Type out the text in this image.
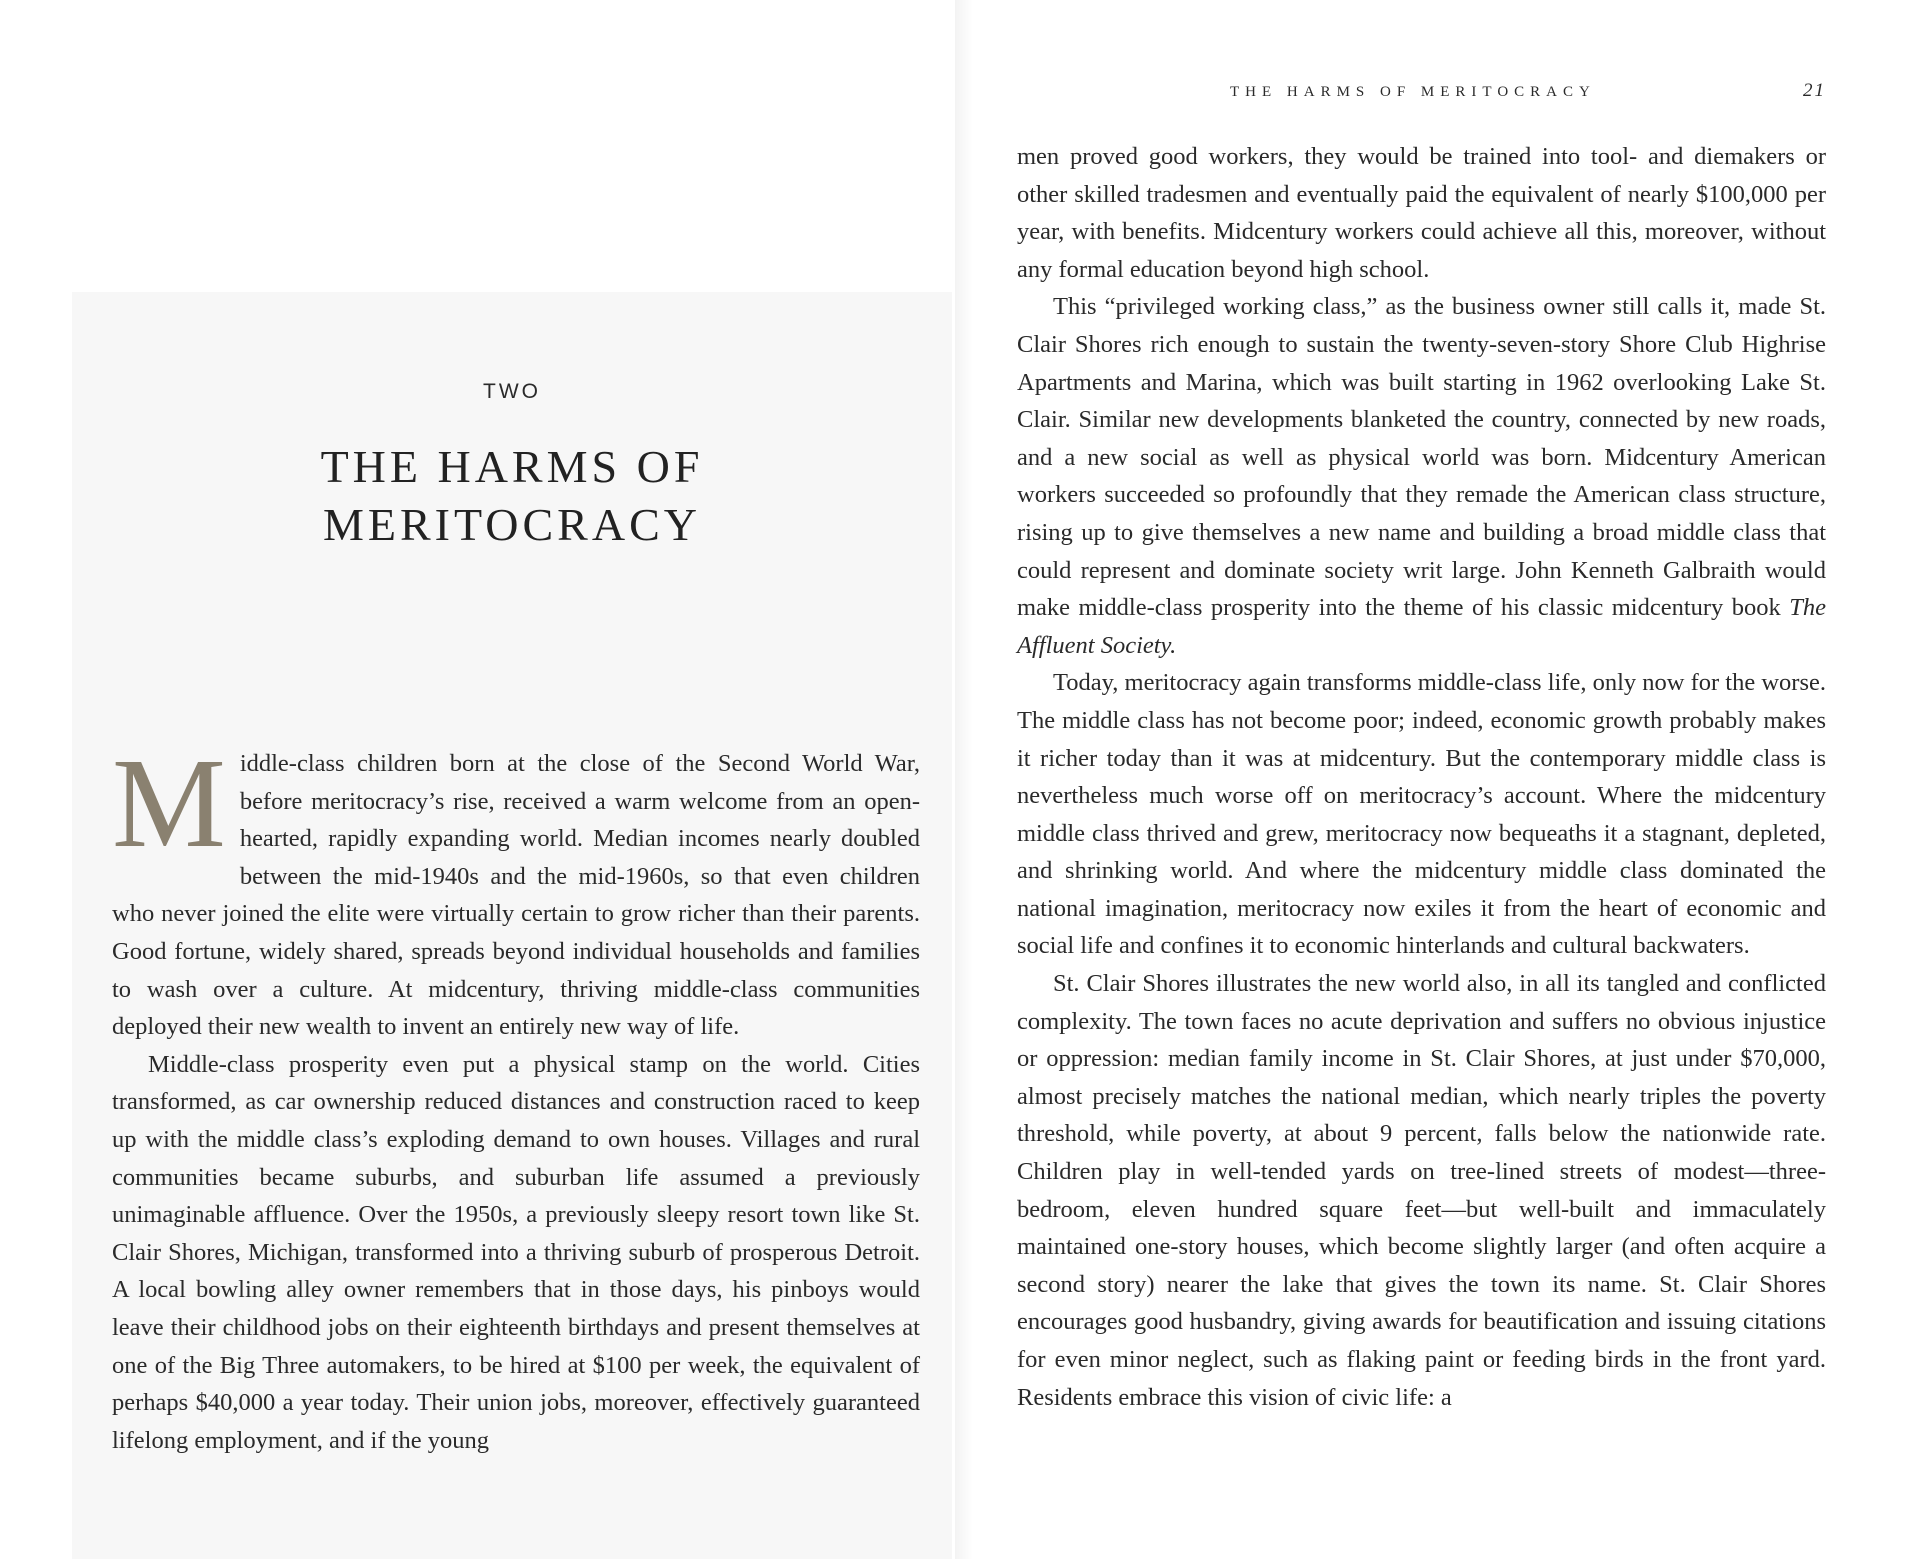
TWO
THE HARMS OF
MERITOCRACY

Middle-class children born at the close of the Second World War, before meritocracy’s rise, received a warm welcome from an open-hearted, rapidly expanding world. Median incomes nearly doubled between the mid-1940s and the mid-1960s, so that even children who never joined the elite were virtually certain to grow richer than their parents. Good fortune, widely shared, spreads beyond individual households and families to wash over a culture. At midcentury, thriving middle-class communities deployed their new wealth to invent an entirely new way of life.

Middle-class prosperity even put a physical stamp on the world. Cities transformed, as car ownership reduced distances and construction raced to keep up with the middle class’s exploding demand to own houses. Villages and rural communities became suburbs, and suburban life assumed a previously unimaginable affluence. Over the 1950s, a previously sleepy resort town like St. Clair Shores, Michigan, transformed into a thriving suburb of prosperous Detroit. A local bowling alley owner remembers that in those days, his pinboys would leave their childhood jobs on their eighteenth birthdays and present themselves at one of the Big Three automakers, to be hired at $100 per week, the equivalent of perhaps $40,000 a year today. Their union jobs, moreover, effectively guaranteed lifelong employment, and if the young

THE HARMS OF MERITOCRACY	21

men proved good workers, they would be trained into tool- and diemakers or other skilled tradesmen and eventually paid the equivalent of nearly $100,000 per year, with benefits. Midcentury workers could achieve all this, moreover, without any formal education beyond high school.

This “privileged working class,” as the business owner still calls it, made St. Clair Shores rich enough to sustain the twenty-seven-story Shore Club Highrise Apartments and Marina, which was built starting in 1962 overlooking Lake St. Clair. Similar new developments blanketed the country, connected by new roads, and a new social as well as physical world was born. Midcentury American workers succeeded so profoundly that they remade the American class structure, rising up to give themselves a new name and building a broad middle class that could represent and dominate society writ large. John Kenneth Galbraith would make middle-class prosperity into the theme of his classic midcentury book The Affluent Society.

Today, meritocracy again transforms middle-class life, only now for the worse. The middle class has not become poor; indeed, economic growth probably makes it richer today than it was at midcentury. But the contemporary middle class is nevertheless much worse off on meritocracy’s account. Where the midcentury middle class thrived and grew, meritocracy now bequeaths it a stagnant, depleted, and shrinking world. And where the midcentury middle class dominated the national imagination, meritocracy now exiles it from the heart of economic and social life and confines it to economic hinterlands and cultural backwaters.

St. Clair Shores illustrates the new world also, in all its tangled and conflicted complexity. The town faces no acute deprivation and suffers no obvious injustice or oppression: median family income in St. Clair Shores, at just under $70,000, almost precisely matches the national median, which nearly triples the poverty threshold, while poverty, at about 9 percent, falls below the nationwide rate. Children play in well-tended yards on tree-lined streets of modest—three-bedroom, eleven hundred square feet—but well-built and immaculately maintained one-story houses, which become slightly larger (and often acquire a second story) nearer the lake that gives the town its name. St. Clair Shores encourages good husbandry, giving awards for beautification and issuing citations for even minor neglect, such as flaking paint or feeding birds in the front yard. Residents embrace this vision of civic life: a
